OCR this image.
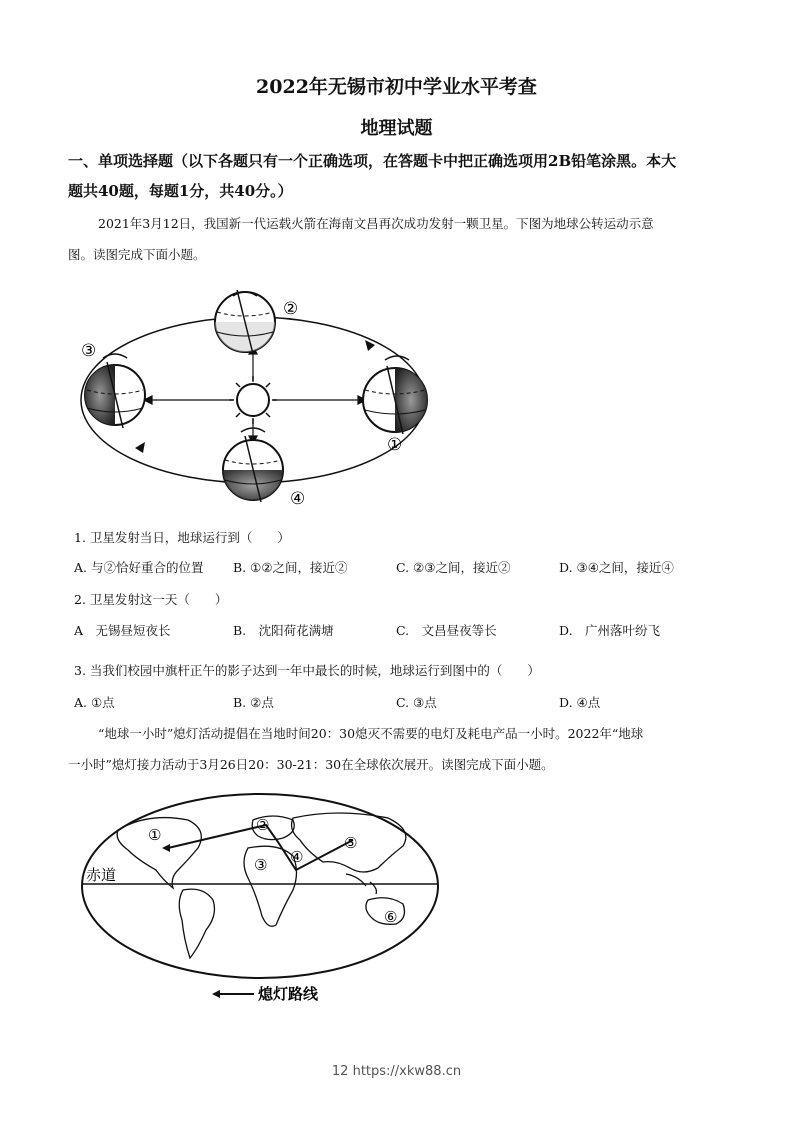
2022年无锡市初中学业水平考查
地理试题
一、单项选择题（以下各题只有一个正确选项，在答题卡中把正确选项用2B铅笔涂黑。本大
题共40题，每题1分，共40分。）
2021年3月12日，我国新一代运载火箭在海南文昌再次成功发射一颗卫星。下图为地球公转运动示意
图。读图完成下面小题。
②
③
①
④
1. 卫星发射当日，地球运行到（　　）
A. 与②恰好重合的位置 B. ①②之间，接近②	C. ②③之间，接近②	D. ③④之间，接近④
2. 卫星发射这一天（　　）
A　无锡昼短夜长	B.　沈阳荷花满塘	C.　文昌昼夜等长	D.　广州落叶纷飞
3. 当我们校园中旗杆正午的影子达到一年中最长的时候，地球运行到图中的（　　）
A. ①点	B. ②点	C. ③点	D. ④点
“地球一小时”熄灯活动提倡在当地时间20：30熄灭不需要的电灯及耗电产品一小时。2022年“地球
一小时”熄灯接力活动于3月26日20：30-21：30在全球依次展开。读图完成下面小题。
赤道
①
②
③ ④
⑤
⑥
熄灯路线
12 https://xkw88.cn
